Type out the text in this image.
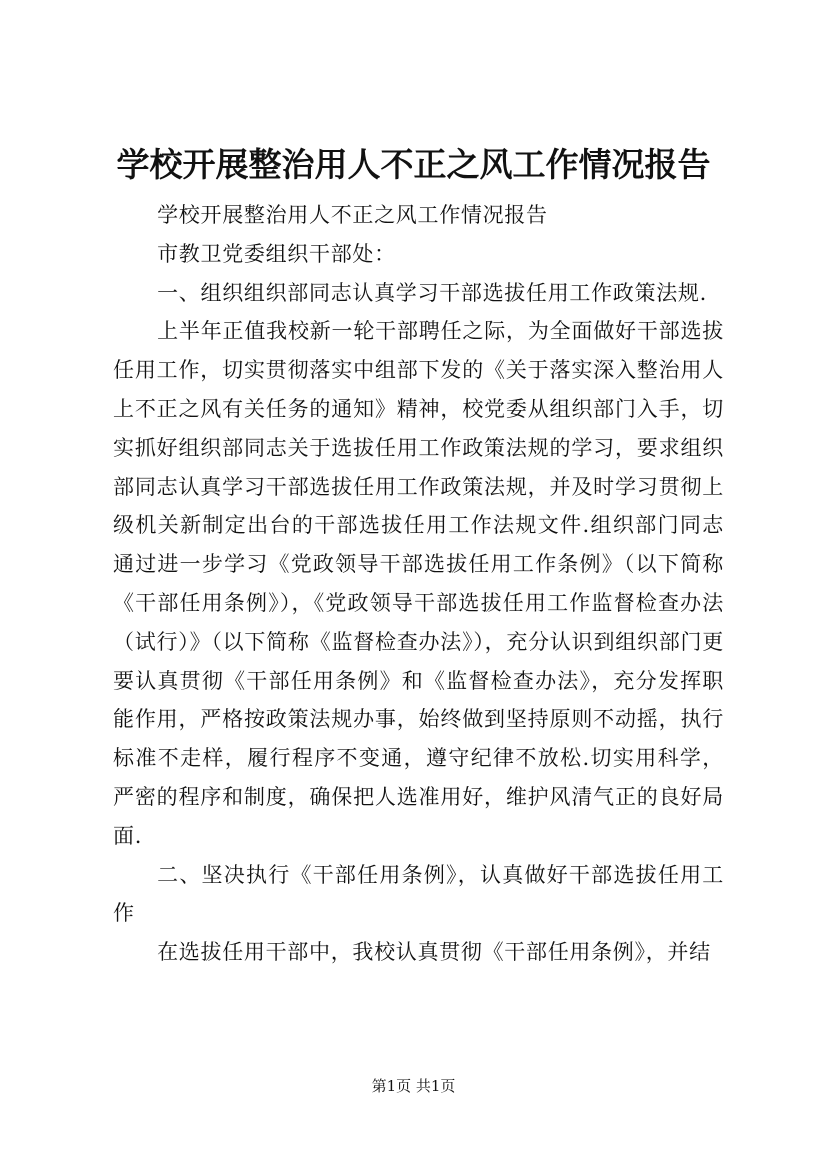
学校开展整治用人不正之风工作情况报告

学校开展整治用人不正之风工作情况报告

市教卫党委组织干部处：

一、组织组织部同志认真学习干部选拔任用工作政策法规.

上半年正值我校新一轮干部聘任之际，为全面做好干部选拔任用工作，切实贯彻落实中组部下发的《关于落实深入整治用人上不正之风有关任务的通知》精神，校党委从组织部门入手，切实抓好组织部同志关于选拔任用工作政策法规的学习，要求组织部同志认真学习干部选拔任用工作政策法规，并及时学习贯彻上级机关新制定出台的干部选拔任用工作法规文件.组织部门同志通过进一步学习《党政领导干部选拔任用工作条例》（以下简称《干部任用条例》），《党政领导干部选拔任用工作监督检查办法（试行）》（以下简称《监督检查办法》），充分认识到组织部门更要认真贯彻《干部任用条例》和《监督检查办法》，充分发挥职能作用，严格按政策法规办事，始终做到坚持原则不动摇，执行标准不走样，履行程序不变通，遵守纪律不放松.切实用科学，严密的程序和制度，确保把人选准用好，维护风清气正的良好局面.

二、坚决执行《干部任用条例》，认真做好干部选拔任用工作

在选拔任用干部中，我校认真贯彻《干部任用条例》，并结

第1页 共1页
